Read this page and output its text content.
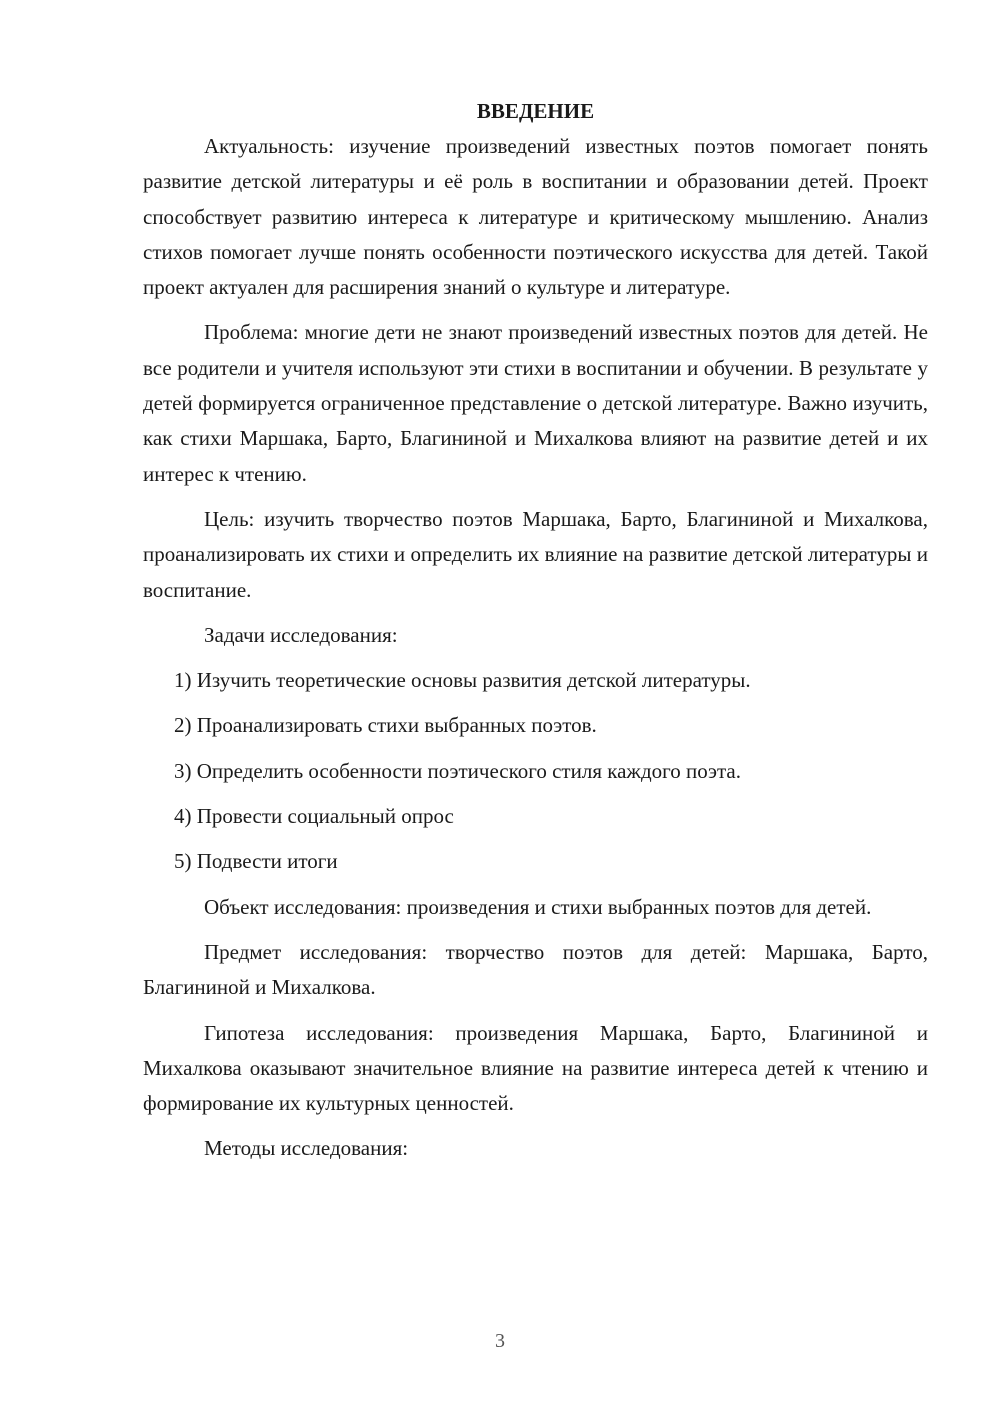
ВВЕДЕНИЕ

Актуальность: изучение произведений известных поэтов помогает понять развитие детской литературы и её роль в воспитании и образовании детей. Проект способствует развитию интереса к литературе и критическому мышлению. Анализ стихов помогает лучше понять особенности поэтического искусства для детей. Такой проект актуален для расширения знаний о культуре и литературе.

Проблема: многие дети не знают произведений известных поэтов для детей. Не все родители и учителя используют эти стихи в воспитании и обучении. В результате у детей формируется ограниченное представление о детской литературе. Важно изучить, как стихи Маршака, Барто, Благининой и Михалкова влияют на развитие детей и их интерес к чтению.

Цель: изучить творчество поэтов Маршака, Барто, Благининой и Михалкова, проанализировать их стихи и определить их влияние на развитие детской литературы и воспитание.

Задачи исследования:

1) Изучить теоретические основы развития детской литературы.
2) Проанализировать стихи выбранных поэтов.
3) Определить особенности поэтического стиля каждого поэта.
4) Провести социальный опрос
5) Подвести итоги

Объект исследования: произведения и стихи выбранных поэтов для детей.

Предмет исследования: творчество поэтов для детей: Маршака, Барто, Благининой и Михалкова.

Гипотеза исследования: произведения Маршака, Барто, Благининой и Михалкова оказывают значительное влияние на развитие интереса детей к чтению и формирование их культурных ценностей.

Методы исследования:

3
